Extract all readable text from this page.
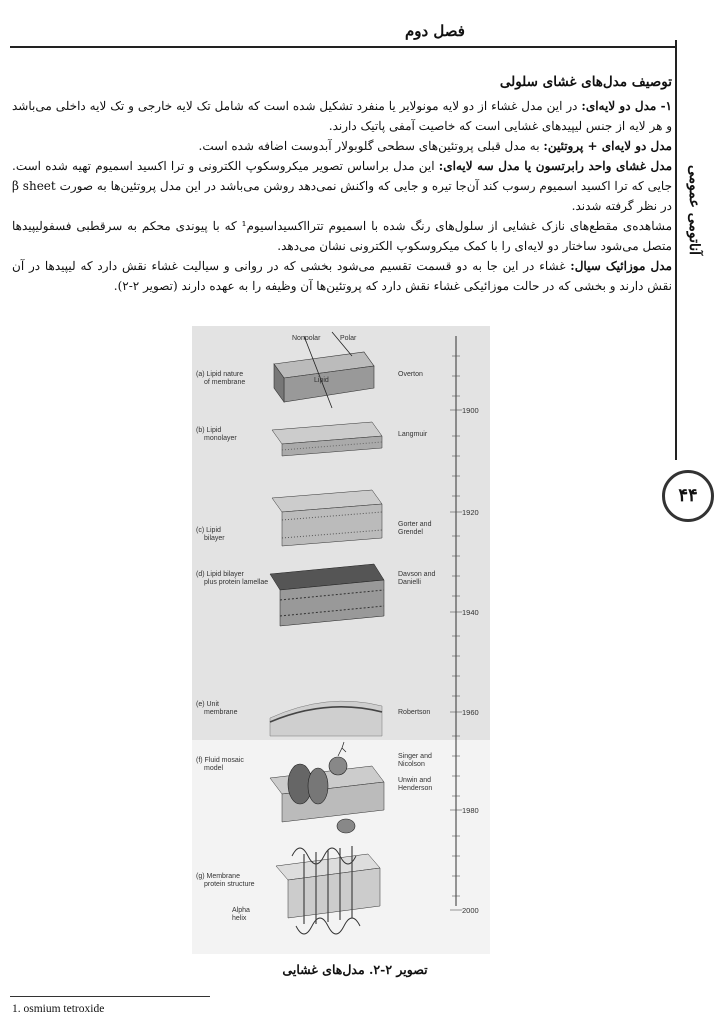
فصل دوم
آناتومی عمومی
۴۴

توصیف مدل‌های غشای سلولی

۱- مدل دو لایه‌ای: در این مدل غشاء از دو لایه مونولایر یا منفرد تشکیل شده است که شامل تک لایه خارجی و تک لایه داخلی می‌باشد و هر لایه از جنس لیپیدهای غشایی است که خاصیت آمفی پاتیک دارند.

مدل دو لایه‌ای + پروتئین: به مدل قبلی پروتئین‌های سطحی گلوبولار آبدوست اضافه شده است.

مدل غشای واحد رابرتسون یا مدل سه لایه‌ای: این مدل براساس تصویر میکروسکوپ الکترونی و ترا اکسید اسمیوم تهیه شده است. جایی که ترا اکسید اسمیوم رسوب کند آن‌جا تیره و جایی که واکنش نمی‌دهد روشن می‌باشد در این مدل پروتئین‌ها به صورت β sheet در نظر گرفته شدند.

مشاهده‌ی مقطع‌های نازک غشایی از سلول‌های رنگ شده با اسمیوم تترااکسیداسیوم¹ که با پیوندی محکم به سرقطبی فسفولیپیدها متصل می‌شود ساختار دو لایه‌ای را با کمک میکروسکوپ الکترونی نشان می‌دهد.

مدل موزائیک سیال: غشاء در این جا به دو قسمت تقسیم می‌شود بخشی که در روانی و سیالیت غشاء نقش دارد که لیپیدها در آن نقش دارند و بخشی که در حالت موزائیکی غشاء نقش دارد که پروتئین‌ها آن وظیفه را به عهده دارند (تصویر ۲-۲).

Lipid
Polar
Nonpolar
Alpha
helix
(a) Lipid nature
of membrane
(b) Lipid
monolayer
(c) Lipid
bilayer
(d) Lipid bilayer
plus protein lamellae
(e) Unit
membrane
(f) Fluid mosaic
model
(g) Membrane
protein structure
Overton
Langmuir
Gorter and
Grendel
Davson and
Danielli
Robertson
Singer and
Nicolson
Unwin and
Henderson
1900
1920
1940
1960
1980
2000
تصویر ۲-۲. مدل‌های غشایی
1. osmium tetroxide
